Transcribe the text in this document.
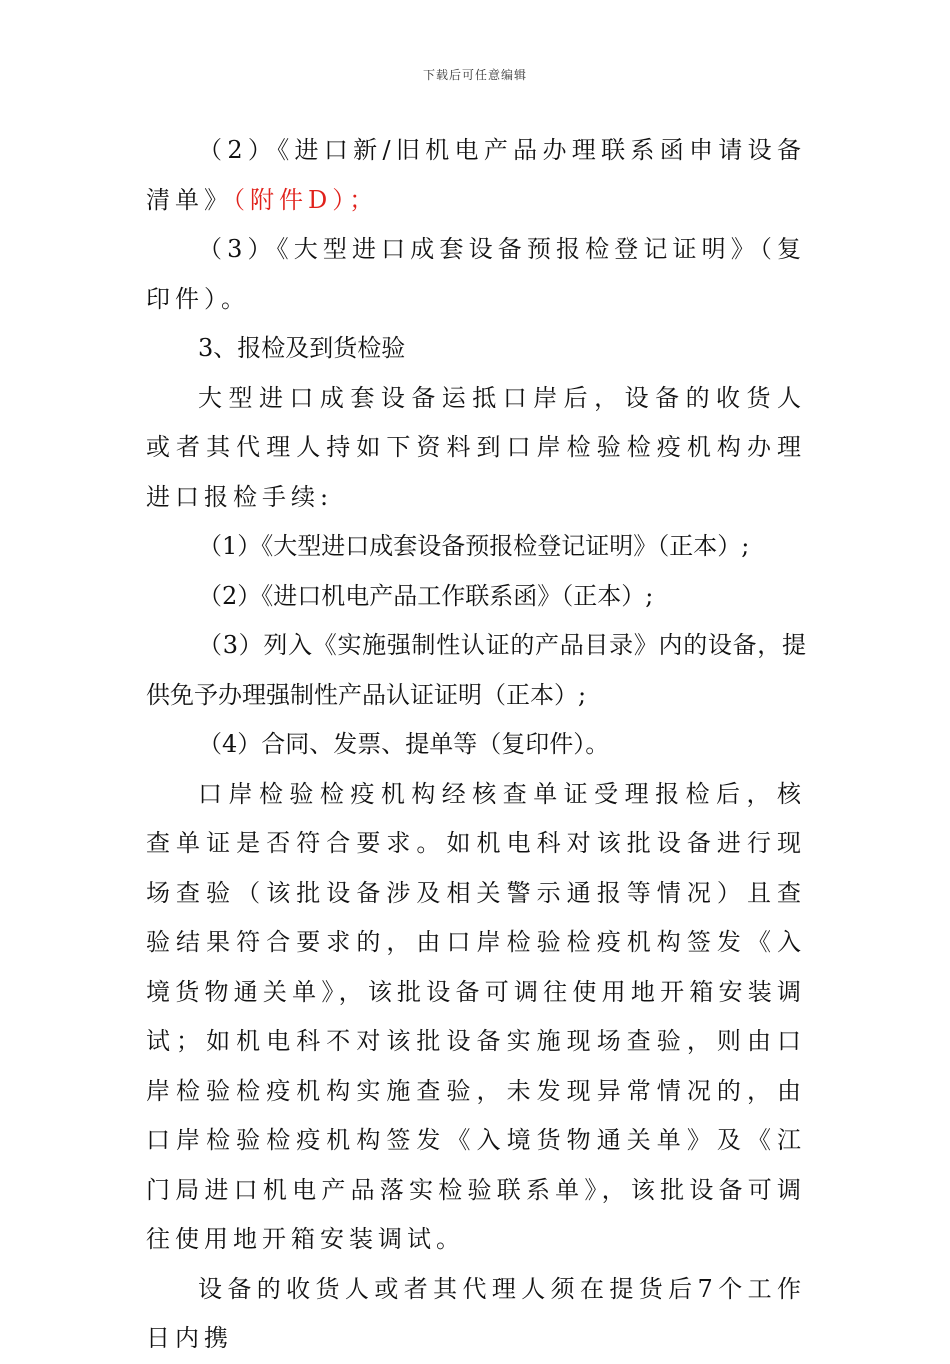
下载后可任意编辑

（2）《进口新/旧机电产品办理联系函申请设备清单》（附件D）；

（3）《大型进口成套设备预报检登记证明》（复印件）。

3、报检及到货检验

大型进口成套设备运抵口岸后，设备的收货人或者其代理人持如下资料到口岸检验检疫机构办理进口报检手续:

（1）《大型进口成套设备预报检登记证明》（正本）;

（2）《进口机电产品工作联系函》（正本）;

（3）列入《实施强制性认证的产品目录》内的设备，提供免予办理强制性产品认证证明（正本）;

（4）合同、发票、提单等（复印件）。

口岸检验检疫机构经核查单证受理报检后，核查单证是否符合要求。如机电科对该批设备进行现场查验（该批设备涉及相关警示通报等情况）且查验结果符合要求的，由口岸检验检疫机构签发《入境货物通关单》，该批设备可调往使用地开箱安装调试；如机电科不对该批设备实施现场查验，则由口岸检验检疫机构实施查验，未发现异常情况的，由口岸检验检疫机构签发《入境货物通关单》及《江门局进口机电产品落实检验联系单》，该批设备可调往使用地开箱安装调试。

设备的收货人或者其代理人须在提货后7个工作日内携
